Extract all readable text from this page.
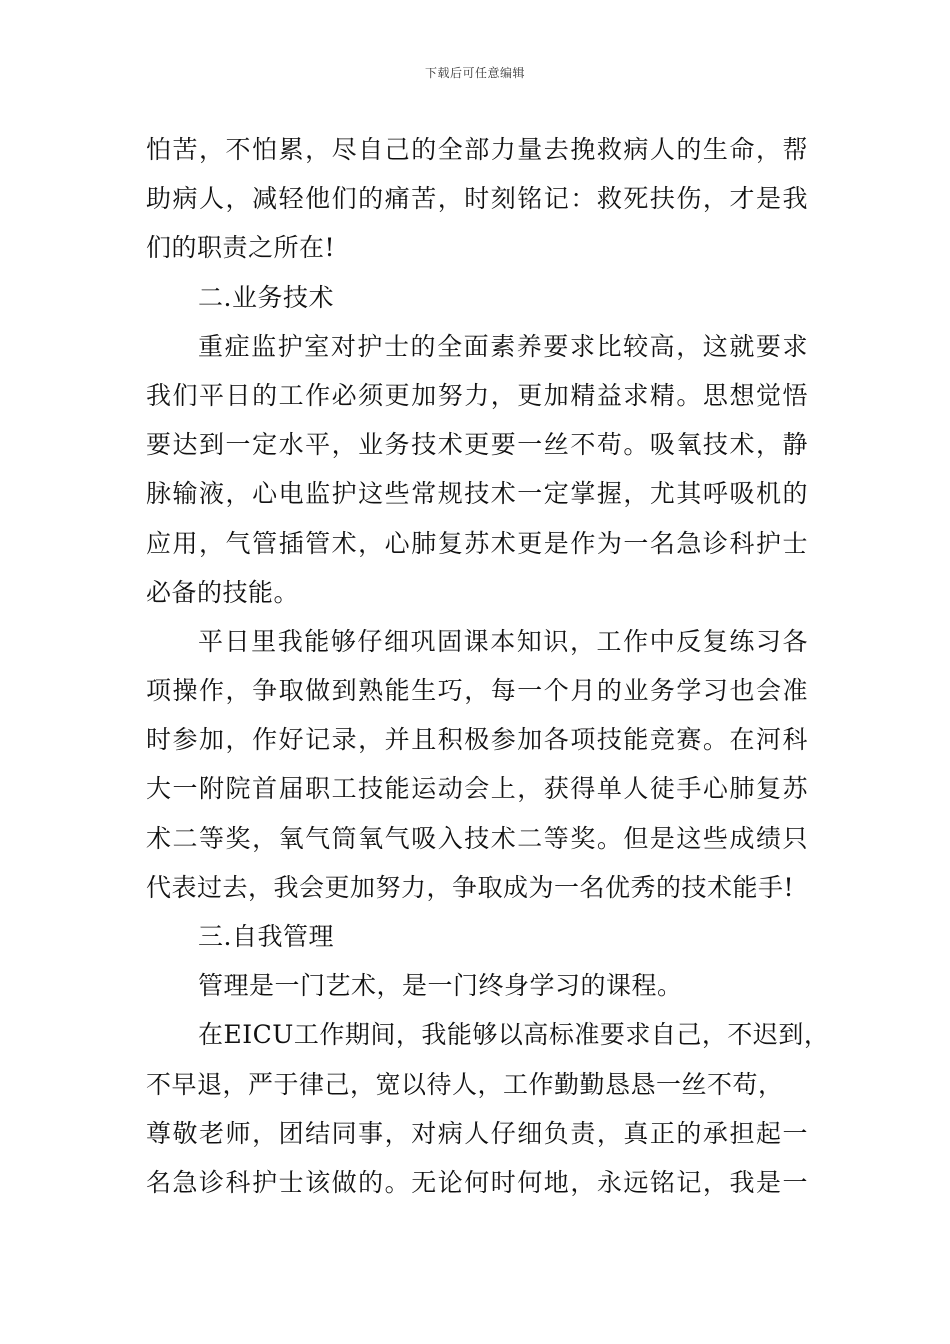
下载后可任意编辑
怕苦，不怕累，尽自己的全部力量去挽救病人的生命，帮
助病人，减轻他们的痛苦，时刻铭记：救死扶伤，才是我
们的职责之所在!
二.业务技术
重症监护室对护士的全面素养要求比较高，这就要求
我们平日的工作必须更加努力，更加精益求精。思想觉悟
要达到一定水平，业务技术更要一丝不苟。吸氧技术，静
脉输液，心电监护这些常规技术一定掌握，尤其呼吸机的
应用，气管插管术，心肺复苏术更是作为一名急诊科护士
必备的技能。
平日里我能够仔细巩固课本知识，工作中反复练习各
项操作，争取做到熟能生巧，每一个月的业务学习也会准
时参加，作好记录，并且积极参加各项技能竞赛。在河科
大一附院首届职工技能运动会上，获得单人徒手心肺复苏
术二等奖，氧气筒氧气吸入技术二等奖。但是这些成绩只
代表过去，我会更加努力，争取成为一名优秀的技术能手!
三.自我管理
管理是一门艺术，是一门终身学习的课程。
在EICU工作期间，我能够以高标准要求自己，不迟到，
不早退，严于律己，宽以待人，工作勤勤恳恳一丝不苟，
尊敬老师，团结同事，对病人仔细负责，真正的承担起一
名急诊科护士该做的。无论何时何地，永远铭记，我是一
